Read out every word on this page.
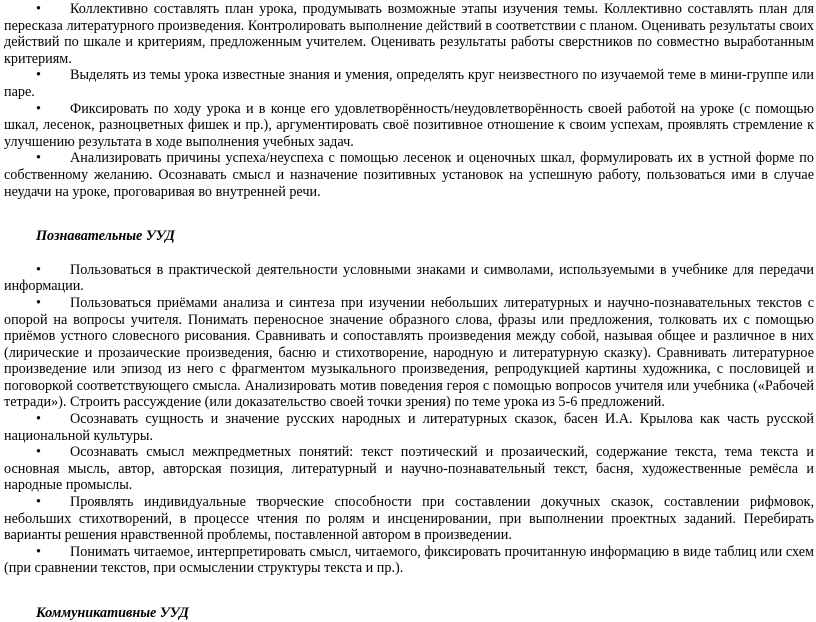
• Коллективно составлять план урока, продумывать возможные этапы изучения темы. Коллективно составлять план для пересказа литературного произведения. Контролировать выполнение действий в соответствии с планом. Оценивать результаты своих действий по шкале и критериям, предложенным учителем. Оценивать результаты работы сверстников по совместно выработанным критериям.

• Выделять из темы урока известные знания и умения, определять круг неизвестного по изучаемой теме в мини-группе или паре.

• Фиксировать по ходу урока и в конце его удовлетворённость/неудовлетворённость своей работой на уроке (с помощью шкал, лесенок, разноцветных фишек и пр.), аргументировать своё позитивное отношение к своим успехам, проявлять стремление к улучшению результата в ходе выполнения учебных задач.

• Анализировать причины успеха/неуспеха с помощью лесенок и оценочных шкал, формулировать их в устной форме по собственному желанию. Осознавать смысл и назначение позитивных установок на успешную работу, пользоваться ими в случае неудачи на уроке, проговаривая во внутренней речи.

Познавательные УУД

• Пользоваться в практической деятельности условными знаками и символами, используемыми в учебнике для передачи информации.

• Пользоваться приёмами анализа и синтеза при изучении небольших литературных и научно-познавательных текстов с опорой на вопросы учителя. Понимать переносное значение образного слова, фразы или предложения, толковать их с помощью приёмов устного словесного рисования. Сравнивать и сопоставлять произведения между собой, называя общее и различное в них (лирические и прозаические произведения, басню и стихотворение, народную и литературную сказку). Сравнивать литературное произведение или эпизод из него с фрагментом музыкального произведения, репродукцией картины художника, с пословицей и поговоркой соответствующего смысла. Анализировать мотив поведения героя с помощью вопросов учителя или учебника («Рабочей тетради»). Строить рассуждение (или доказательство своей точки зрения) по теме урока из 5-6 предложений.

• Осознавать сущность и значение русских народных и литературных сказок, басен И.А. Крылова как часть русской национальной культуры.

• Осознавать смысл межпредметных понятий: текст поэтический и прозаический, содержание текста, тема текста и основная мысль, автор, авторская позиция, литературный и научно-познавательный текст, басня, художественные ремёсла и народные промыслы.

• Проявлять индивидуальные творческие способности при составлении докучных сказок, составлении рифмовок, небольших стихотворений, в процессе чтения по ролям и инсценировании, при выполнении проектных заданий. Перебирать варианты решения нравственной проблемы, поставленной автором в произведении.

• Понимать читаемое, интерпретировать смысл, читаемого, фиксировать прочитанную информацию в виде таблиц или схем (при сравнении текстов, при осмыслении структуры текста и пр.).

Коммуникативные УУД
